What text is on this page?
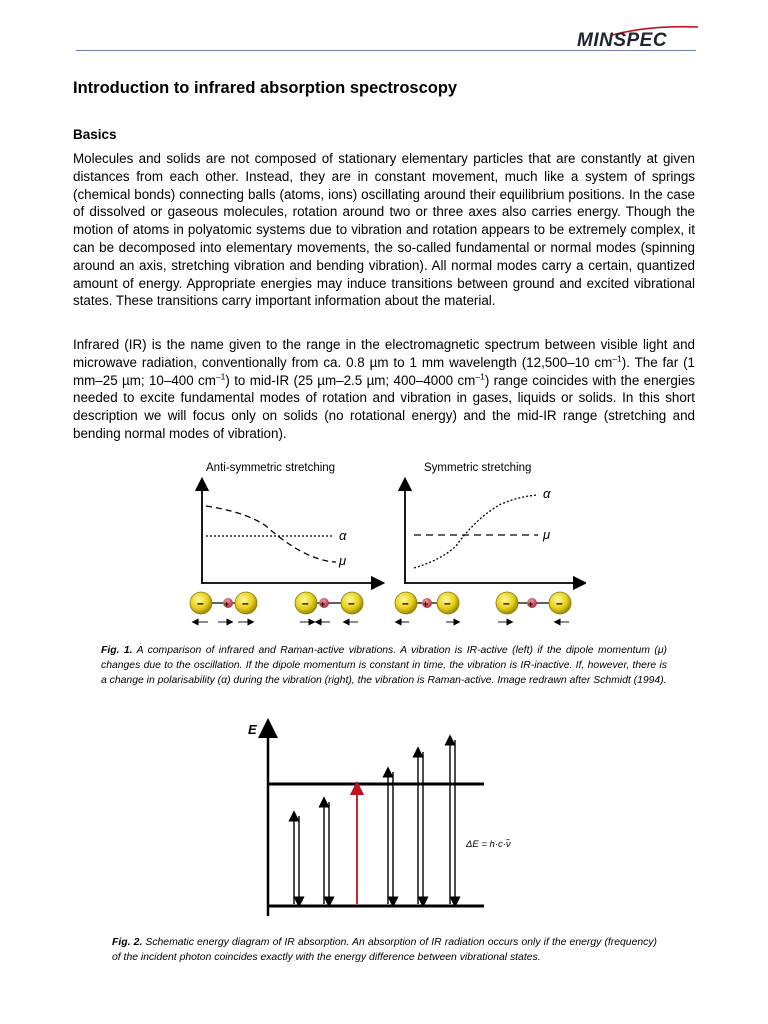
MINSPEC
Introduction to infrared absorption spectroscopy
Basics

Molecules and solids are not composed of stationary elementary particles that are constantly at given distances from each other. Instead, they are in constant movement, much like a system of springs (chemical bonds) connecting balls (atoms, ions) oscillating around their equilibrium positions. In the case of dissolved or gaseous molecules, rotation around two or three axes also carries energy. Though the motion of atoms in polyatomic systems due to vibration and rotation appears to be extremely complex, it can be decomposed into elementary movements, the so-called fundamental or normal modes (spinning around an axis, stretching vibration and bending vibration). All normal modes carry a certain, quantized amount of energy. Appropriate energies may induce transitions between ground and excited vibrational states. These transitions carry important information about the material.

Infrared (IR) is the name given to the range in the electromagnetic spectrum between visible light and microwave radiation, conventionally from ca. 0.8 µm to 1 mm wavelength (12,500–10 $cm^{-1}$). The far (1 mm–25 µm; 10–400 $cm^{-1}$) to mid-IR (25 µm–2.5 µm; 400–4000 $cm^{-1}$) range coincides with the energies needed to excite fundamental modes of rotation and vibration in gases, liquids or solids. In this short description we will focus only on solids (no rotational energy) and the mid-IR range (stretching and bending normal modes of vibration).

Anti-symmetric stretching
α
μ
Symmetric stretching
α
μ
–	–
+	–	–
+	–	–
+	–	–
+

Fig. 1. A comparison of infrared and Raman-active vibrations. A vibration is IR-active (left) if the dipole momentum (μ) changes due to the oscillation. If the dipole momentum is constant in time, the vibration is IR-inactive. If, however, there is a change in polarisability (α) during the vibration (right), the vibration is Raman-active. Image redrawn after Schmidt (1994).

E
ΔE = h·c·ν̃

Fig. 2. Schematic energy diagram of IR absorption. An absorption of IR radiation occurs only if the energy (frequency) of the incident photon coincides exactly with the energy difference between vibrational states.
